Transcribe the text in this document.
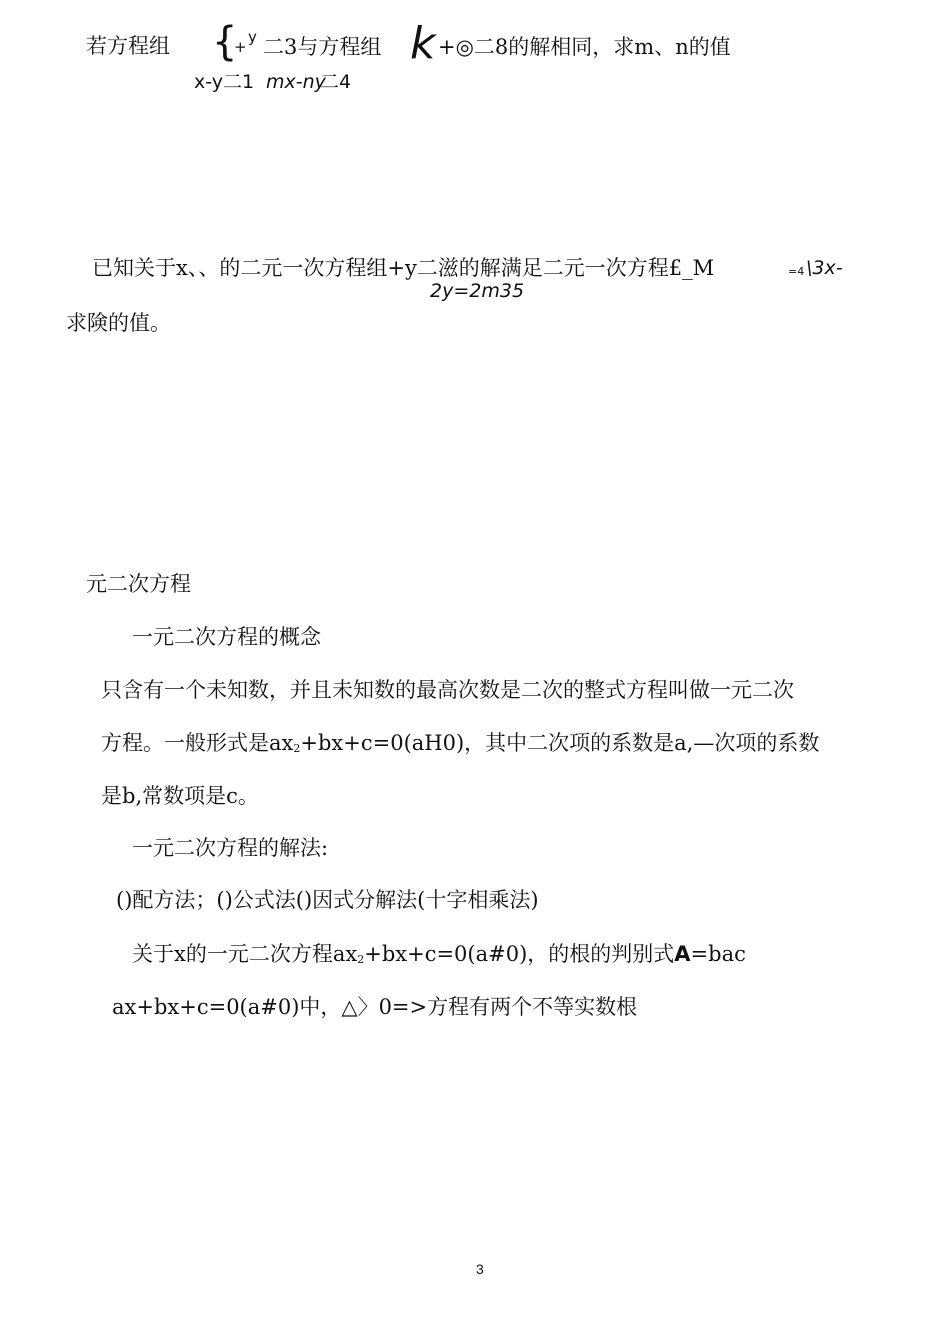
若方程组 {
+
y 二3与方程组 k +◎二8的解相同，求m、n的值
x-y二1 mx-ny
二4
已知关于x、、的二元一次方程组+y二滋的解满足二元一次方程£_M	=4 \3x-
2y=2m35
求険的值。
元二次方程
一元二次方程的概念
只含有一个未知数，并且未知数的最高次数是二次的整式方程叫做一元二次
方程。一般形式是ax2+bx+c=0(aH0)，其中二次项的系数是a,—次项的系数
是b,常数项是c。
一元二次方程的解法:
()配方法；()公式法()因式分解法(十字相乘法)
关于x的一元二次方程ax2+bx+c=0(a#0)，的根的判别式A=bac
ax+bx+c=0(a#0)中，△〉0=>方程有两个不等实数根
3
